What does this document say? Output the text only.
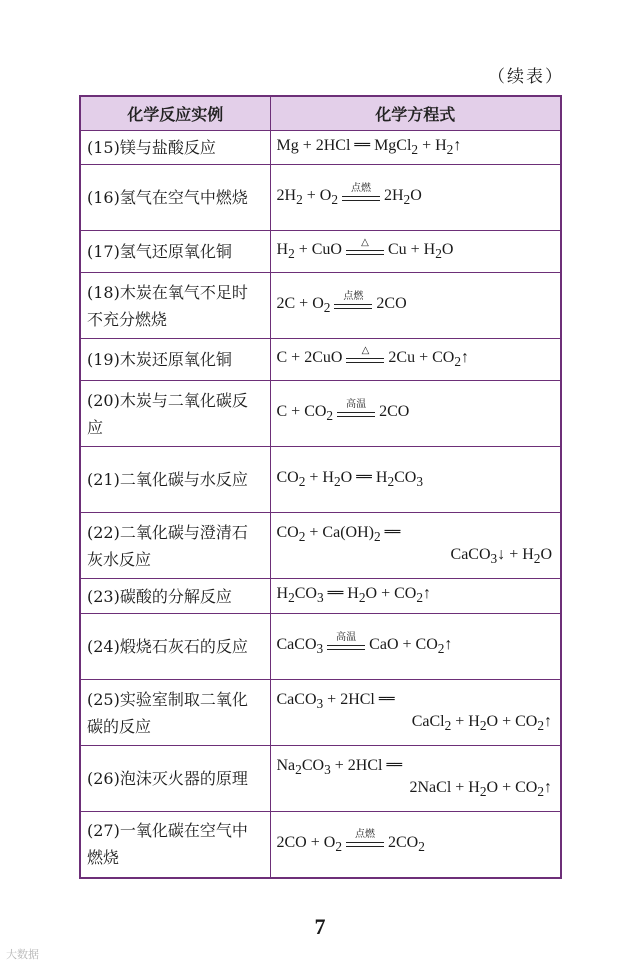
（续表）
化学反应实例	化学方程式
(15)镁与盐酸反应	Mg + 2HCl ══ MgCl$_2$ + $H_2↑$
(16)氢气在空气中燃烧	$2H_2 + O_2$
点燃 $2H_2O$
(17)氢气还原氧化铜	$H_2$ + CuO △ $Cu + H_2O$
(18)木炭在氧气不足时不充分燃烧	$2C + O_2$
点燃 2CO
(19)木炭还原氧化铜	C + 2CuO △ $2Cu + CO_2↑$
(20)木炭与二氧化碳反应	$C + CO_2$
高温 2CO
(21)二氧化碳与水反应	$CO_2 + H_2O$ ══ $H_2CO_3$
(22)二氧化碳与澄清石灰水反应	$CO_2 + Ca(OH)_2$ ══
CaCO$_3$↓ + $H_2O$

(23)碳酸的分解反应	$H_2CO_3$ ══ $H_2O$ + $CO_2↑$
(24)煅烧石灰石的反应	CaCO$_3$
高温 CaO + $CO_2↑$
(25)实验室制取二氧化碳的反应	CaCO$_3$ + 2HCl ══
CaCl$_2$ + $H_2O$ + $CO_2↑$

(26)泡沫灭火器的原理	$Na_2CO_3 + 2HCl$ ══
2NaCl + $H_2O$ + $CO_2↑$

(27)一氧化碳在空气中燃烧	$2CO + O_2$
点燃 $2CO_2$
7
大数据
